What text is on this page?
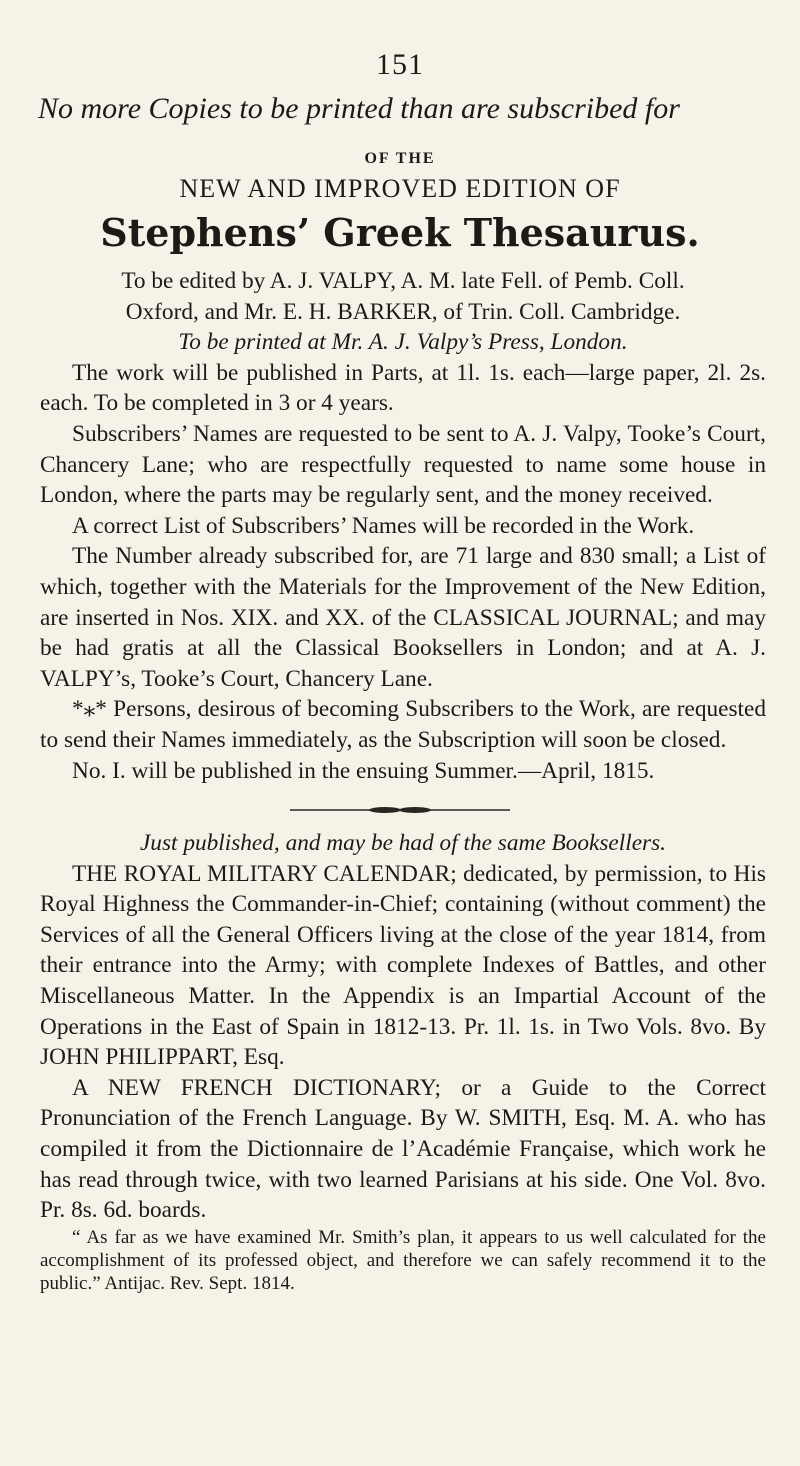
151
No more Copies to be printed than are subscribed for
OF THE
NEW AND IMPROVED EDITION OF
Stephens’ Greek Thesaurus.

To be edited by A. J. VALPY, A. M. late Fell. of Pemb. Coll.

Oxford, and Mr. E. H. BARKER, of Trin. Coll. Cambridge.

To be printed at Mr. A. J. Valpy’s Press, London.

The work will be published in Parts, at 1l. 1s. each—large paper, 2l. 2s. each. To be completed in 3 or 4 years.

Subscribers’ Names are requested to be sent to A. J. Valpy, Tooke’s Court, Chancery Lane; who are respectfully requested to name some house in London, where the parts may be regularly sent, and the money received.

A correct List of Subscribers’ Names will be recorded in the Work.

The Number already subscribed for, are 71 large and 830 small; a List of which, together with the Materials for the Improvement of the New Edition, are inserted in Nos. XIX. and XX. of the CLASSICAL JOURNAL; and may be had gratis at all the Classical Booksellers in London; and at A. J. VALPY’s, Tooke’s Court, Chancery Lane.

*⁎* Persons, desirous of becoming Subscribers to the Work, are requested to send their Names immediately, as the Subscription will soon be closed.

No. I. will be published in the ensuing Summer.—April, 1815.

Just published, and may be had of the same Booksellers.

THE ROYAL MILITARY CALENDAR; dedicated, by permission, to His Royal Highness the Commander-in-Chief; containing (without comment) the Services of all the General Officers living at the close of the year 1814, from their entrance into the Army; with complete Indexes of Battles, and other Miscellaneous Matter. In the Appendix is an Impartial Account of the Operations in the East of Spain in 1812-13. Pr. 1l. 1s. in Two Vols. 8vo. By JOHN PHILIPPART, Esq.

A NEW FRENCH DICTIONARY; or a Guide to the Correct Pronunciation of the French Language. By W. SMITH, Esq. M. A. who has compiled it from the Dictionnaire de l’Académie Française, which work he has read through twice, with two learned Parisians at his side. One Vol. 8vo. Pr. 8s. 6d. boards.

“ As far as we have examined Mr. Smith’s plan, it appears to us well calculated for the accomplishment of its professed object, and therefore we can safely recommend it to the public.” Antijac. Rev. Sept. 1814.
